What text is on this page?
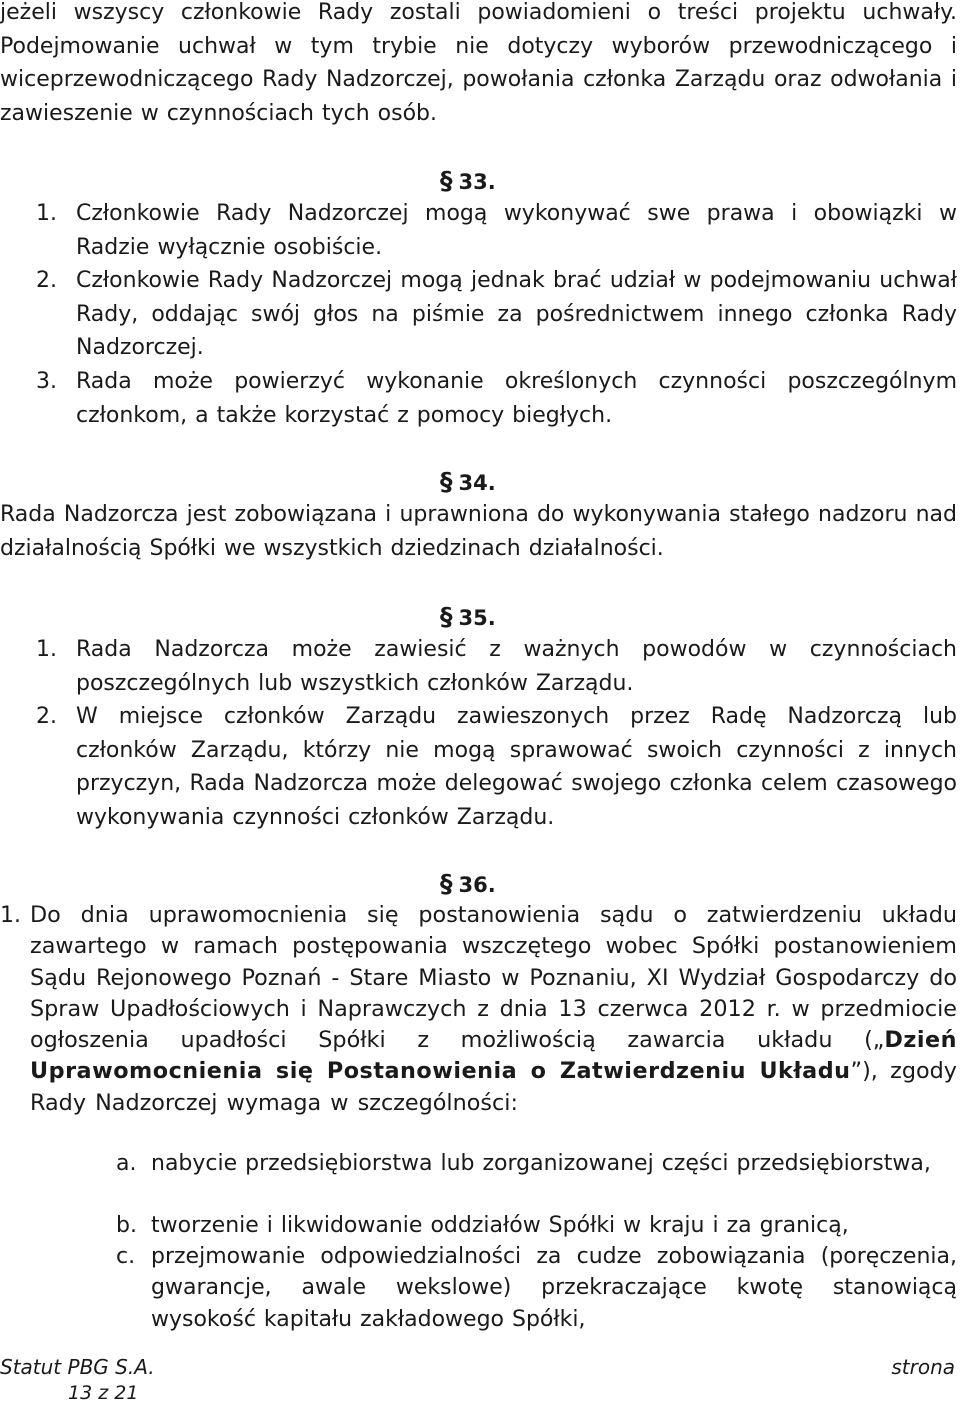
jeżeli wszyscy członkowie Rady zostali powiadomieni o treści projektu uchwały. Podejmowanie uchwał w tym trybie nie dotyczy wyborów przewodniczącego i wiceprzewodniczącego Rady Nadzorczej, powołania członka Zarządu oraz odwołania i zawieszenie w czynnościach tych osób.

§ 33.
1. Członkowie Rady Nadzorczej mogą wykonywać swe prawa i obowiązki w Radzie wyłącznie osobiście.

2. Członkowie Rady Nadzorczej mogą jednak brać udział w podejmowaniu uchwał Rady, oddając swój głos na piśmie za pośrednictwem innego członka Rady Nadzorczej.

3. Rada może powierzyć wykonanie określonych czynności poszczególnym członkom, a także korzystać z pomocy biegłych.

§ 34.

Rada Nadzorcza jest zobowiązana i uprawniona do wykonywania stałego nadzoru nad działalnością Spółki we wszystkich dziedzinach działalności.

§ 35.
1. Rada Nadzorcza może zawiesić z ważnych powodów w czynnościach poszczególnych lub wszystkich członków Zarządu.

2. W miejsce członków Zarządu zawieszonych przez Radę Nadzorczą lub członków Zarządu, którzy nie mogą sprawować swoich czynności z innych przyczyn, Rada Nadzorcza może delegować swojego członka celem czasowego wykonywania czynności członków Zarządu.

§ 36.
1. Do dnia uprawomocnienia się postanowienia sądu o zatwierdzeniu układu zawartego w ramach postępowania wszczętego wobec Spółki postanowieniem Sądu Rejonowego Poznań - Stare Miasto w Poznaniu, XI Wydział Gospodarczy do Spraw Upadłościowych i Naprawczych z dnia 13 czerwca 2012 r. w przedmiocie ogłoszenia upadłości Spółki z możliwością zawarcia układu („Dzień Uprawomocnienia się Postanowienia o Zatwierdzeniu Układu”), zgody Rady Nadzorczej wymaga w szczególności:

a. nabycie przedsiębiorstwa lub zorganizowanej części przedsiębiorstwa,

b. tworzenie i likwidowanie oddziałów Spółki w kraju i za granicą,

c. przejmowanie odpowiedzialności za cudze zobowiązania (poręczenia, gwarancje, awale wekslowe) przekraczające kwotę stanowiącą wysokość kapitału zakładowego Spółki,

Statut PBG S.A.
13 z 21
strona
